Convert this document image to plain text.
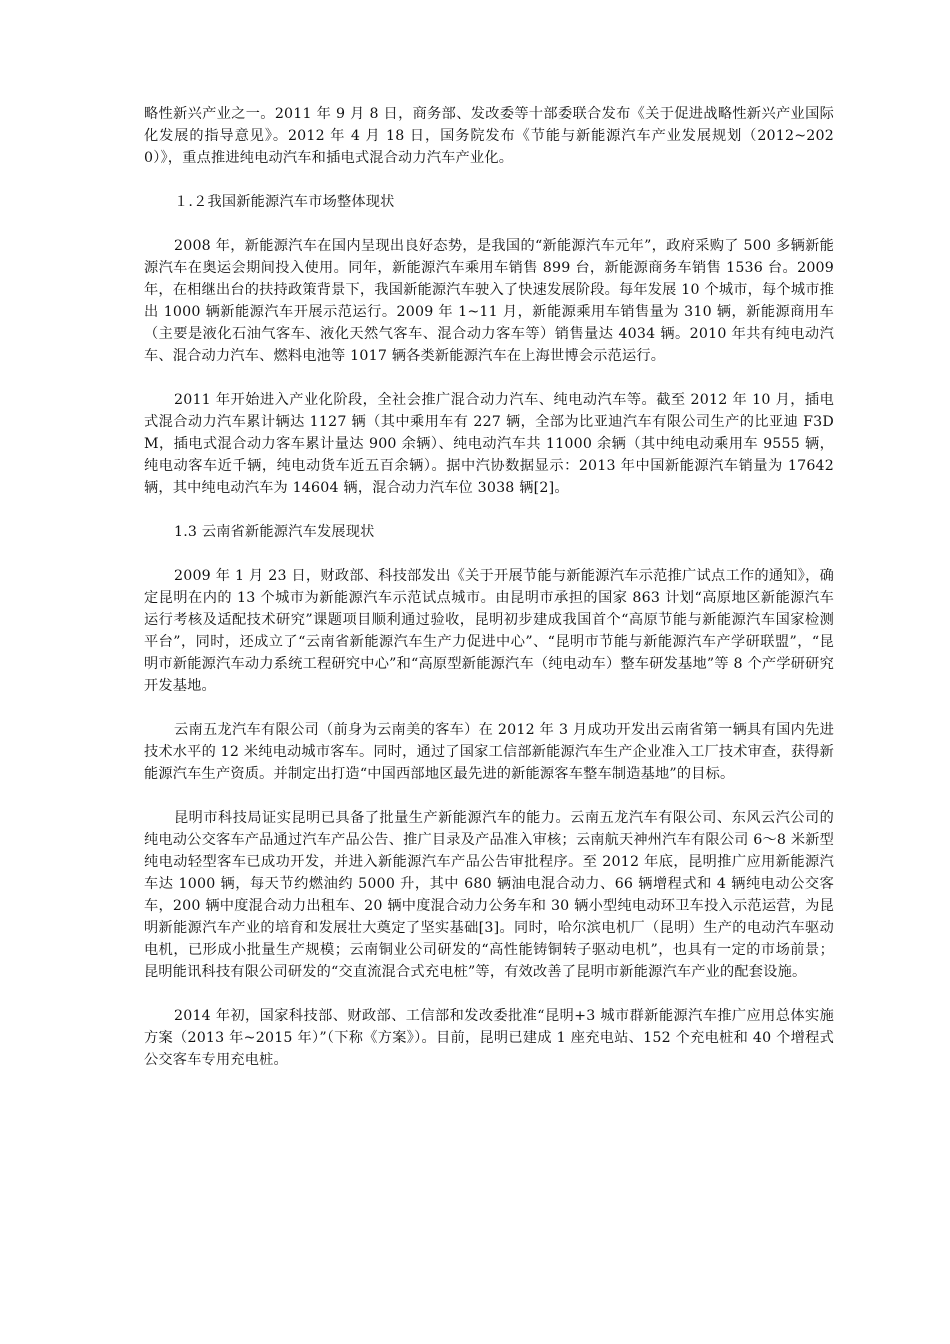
略性新兴产业之一。2011 年 9 月 8 日，商务部、发改委等十部委联合发布《关于促进战略性新兴产业国际化发展的指导意见》。2012 年 4 月 18 日，国务院发布《节能与新能源汽车产业发展规划（2012~2020）》，重点推进纯电动汽车和插电式混合动力汽车产业化。

１.２我国新能源汽车市场整体现状

2008 年，新能源汽车在国内呈现出良好态势，是我国的“新能源汽车元年”，政府采购了 500 多辆新能源汽车在奥运会期间投入使用。同年，新能源汽车乘用车销售 899 台，新能源商务车销售 1536 台。2009 年，在相继出台的扶持政策背景下，我国新能源汽车驶入了快速发展阶段。每年发展 10 个城市，每个城市推出 1000 辆新能源汽车开展示范运行。2009 年 1~11 月，新能源乘用车销售量为 310 辆，新能源商用车（主要是液化石油气客车、液化天然气客车、混合动力客车等）销售量达 4034 辆。2010 年共有纯电动汽车、混合动力汽车、燃料电池等 1017 辆各类新能源汽车在上海世博会示范运行。

2011 年开始进入产业化阶段，全社会推广混合动力汽车、纯电动汽车等。截至 2012 年 10 月，插电式混合动力汽车累计辆达 1127 辆（其中乘用车有 227 辆，全部为比亚迪汽车有限公司生产的比亚迪 F3DM，插电式混合动力客车累计量达 900 余辆）、纯电动汽车共 11000 余辆（其中纯电动乘用车 9555 辆，纯电动客车近千辆，纯电动货车近五百余辆）。据中汽协数据显示：2013 年中国新能源汽车销量为 17642 辆，其中纯电动汽车为 14604 辆，混合动力汽车位 3038 辆[2]。

1.3 云南省新能源汽车发展现状

2009 年 1 月 23 日，财政部、科技部发出《关于开展节能与新能源汽车示范推广试点工作的通知》，确定昆明在内的 13 个城市为新能源汽车示范试点城市。由昆明市承担的国家 863 计划“高原地区新能源汽车运行考核及适配技术研究”课题项目顺利通过验收，昆明初步建成我国首个“高原节能与新能源汽车国家检测平台”，同时，还成立了“云南省新能源汽车生产力促进中心”、“昆明市节能与新能源汽车产学研联盟”，“昆明市新能源汽车动力系统工程研究中心”和“高原型新能源汽车（纯电动车）整车研发基地”等 8 个产学研研究开发基地。

云南五龙汽车有限公司（前身为云南美的客车）在 2012 年 3 月成功开发出云南省第一辆具有国内先进技术水平的 12 米纯电动城市客车。同时，通过了国家工信部新能源汽车生产企业准入工厂技术审查，获得新能源汽车生产资质。并制定出打造“中国西部地区最先进的新能源客车整车制造基地”的目标。

昆明市科技局证实昆明已具备了批量生产新能源汽车的能力。云南五龙汽车有限公司、东风云汽公司的纯电动公交客车产品通过汽车产品公告、推广目录及产品准入审核；云南航天神州汽车有限公司 6～8 米新型纯电动轻型客车已成功开发，并进入新能源汽车产品公告审批程序。至 2012 年底，昆明推广应用新能源汽车达 1000 辆，每天节约燃油约 5000 升，其中 680 辆油电混合动力、66 辆增程式和 4 辆纯电动公交客车，200 辆中度混合动力出租车、20 辆中度混合动力公务车和 30 辆小型纯电动环卫车投入示范运营，为昆明新能源汽车产业的培育和发展壮大奠定了坚实基础[3]。同时，哈尔滨电机厂（昆明）生产的电动汽车驱动电机，已形成小批量生产规模；云南铜业公司研发的“高性能铸铜转子驱动电机”，也具有一定的市场前景；昆明能讯科技有限公司研发的“交直流混合式充电桩”等，有效改善了昆明市新能源汽车产业的配套设施。

2014 年初，国家科技部、财政部、工信部和发改委批准“昆明+3 城市群新能源汽车推广应用总体实施方案（2013 年~2015 年）”（下称《方案》）。目前，昆明已建成 1 座充电站、152 个充电桩和 40 个增程式公交客车专用充电桩。
